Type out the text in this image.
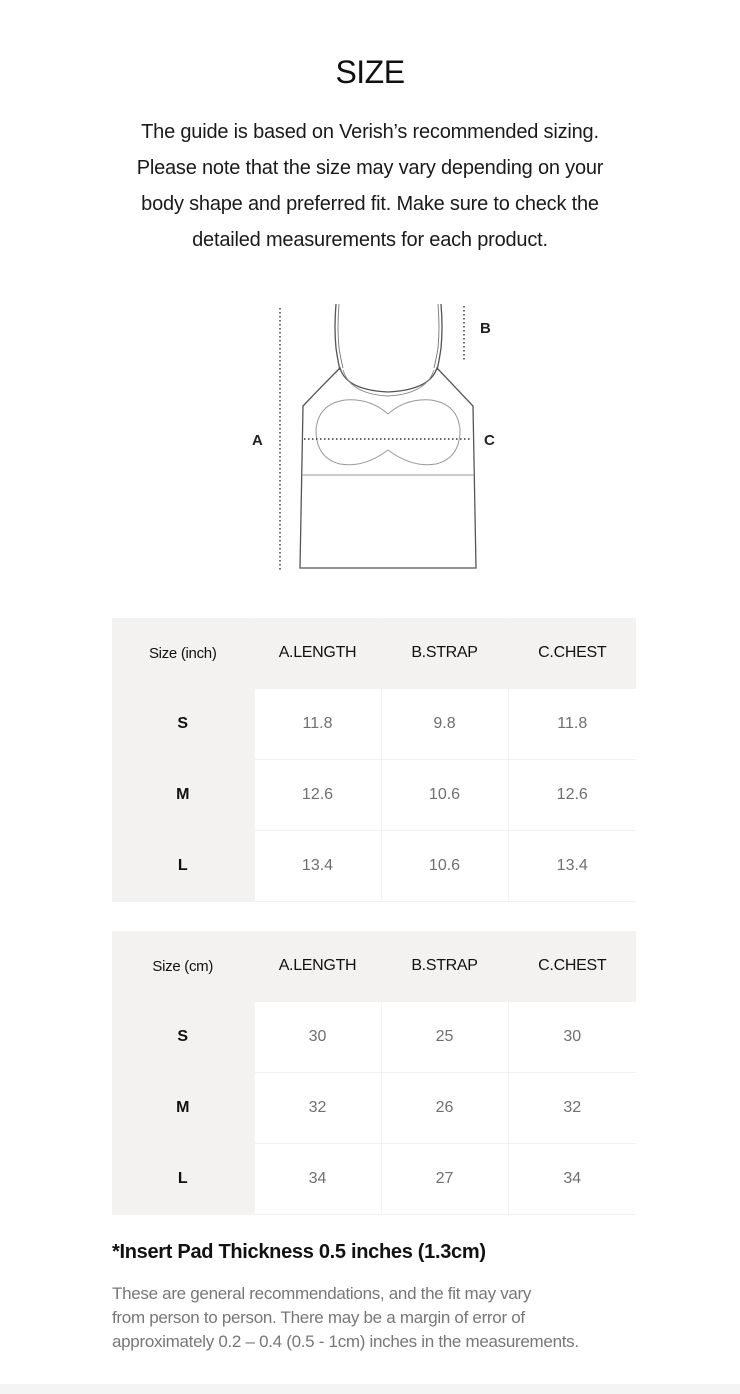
SIZE

The guide is based on Verish’s recommended sizing.
Please note that the size may vary depending on your
body shape and preferred fit. Make sure to check the
detailed measurements for each product.

A
B
C
Size (inch)	A.LENGTH	B.STRAP	C.CHEST
S	11.8	9.8	11.8
M	12.6	10.6	12.6
L	13.4	10.6	13.4
Size (cm)	A.LENGTH	B.STRAP	C.CHEST
S	30	25	30
M	32	26	32
L	34	27	34

*Insert Pad Thickness 0.5 inches (1.3cm)

These are general recommendations, and the fit may vary
from person to person. There may be a margin of error of
approximately 0.2 – 0.4 (0.5 - 1cm) inches in the measurements.
